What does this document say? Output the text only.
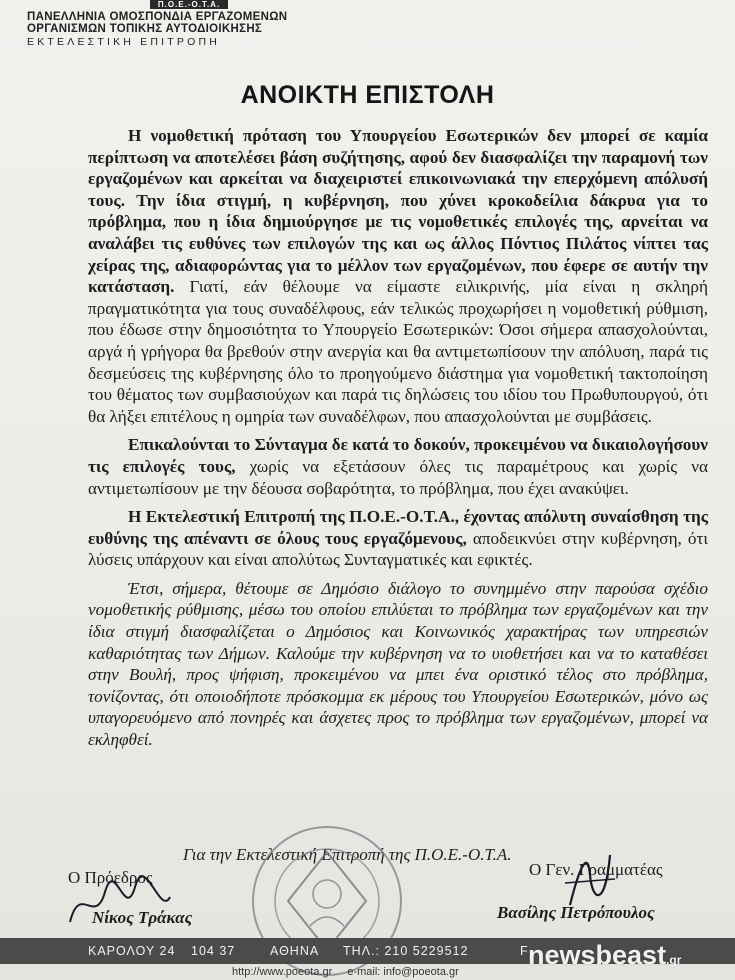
Π.Ο.Ε.-Ο.Τ.Α.
ΠΑΝΕΛΛΗΝΙΑ ΟΜΟΣΠΟΝΔΙΑ ΕΡΓΑΖΟΜΕΝΩΝ
ΟΡΓΑΝΙΣΜΩΝ ΤΟΠΙΚΗΣ ΑΥΤΟΔΙΟΙΚΗΣΗΣ
ΕΚΤΕΛΕΣΤΙΚΗ ΕΠΙΤΡΟΠΗ
ΑΝΟΙΚΤΗ ΕΠΙΣΤΟΛΗ

Η νομοθετική πρόταση του Υπουργείου Εσωτερικών δεν μπορεί σε καμία περίπτωση να αποτελέσει βάση συζήτησης, αφού δεν διασφαλίζει την παραμονή των εργαζομένων και αρκείται να διαχειριστεί επικοινωνιακά την επερχόμενη απόλυσή τους. Την ίδια στιγμή, η κυβέρνηση, που χύνει κροκοδείλια δάκρυα για το πρόβλημα, που η ίδια δημιούργησε με τις νομοθετικές επιλογές της, αρνείται να αναλάβει τις ευθύνες των επιλογών της και ως άλλος Πόντιος Πιλάτος νίπτει τας χείρας της, αδιαφορώντας για το μέλλον των εργαζομένων, που έφερε σε αυτήν την κατάσταση. Γιατί, εάν θέλουμε να είμαστε ειλικρινής, μία είναι η σκληρή πραγματικότητα για τους συναδέλφους, εάν τελικώς προχωρήσει η νομοθετική ρύθμιση, που έδωσε στην δημοσιότητα το Υπουργείο Εσωτερικών: Όσοι σήμερα απασχολούνται, αργά ή γρήγορα θα βρεθούν στην ανεργία και θα αντιμετωπίσουν την απόλυση, παρά τις δεσμεύσεις της κυβέρνησης όλο το προηγούμενο διάστημα για νομοθετική τακτοποίηση του θέματος των συμβασιούχων και παρά τις δηλώσεις του ιδίου του Πρωθυπουργού, ότι θα λήξει επιτέλους η ομηρία των συναδέλφων, που απασχολούνται με συμβάσεις.

Επικαλούνται το Σύνταγμα δε κατά το δοκούν, προκειμένου να δικαιολογήσουν τις επιλογές τους, χωρίς να εξετάσουν όλες τις παραμέτρους και χωρίς να αντιμετωπίσουν με την δέουσα σοβαρότητα, το πρόβλημα, που έχει ανακύψει.

Η Εκτελεστική Επιτροπή της Π.Ο.Ε.-Ο.Τ.Α., έχοντας απόλυτη συναίσθηση της ευθύνης της απέναντι σε όλους τους εργαζόμενους, αποδεικνύει στην κυβέρνηση, ότι λύσεις υπάρχουν και είναι απολύτως Συνταγματικές και εφικτές.

Έτσι, σήμερα, θέτουμε σε Δημόσιο διάλογο το συνημμένο στην παρούσα σχέδιο νομοθετικής ρύθμισης, μέσω του οποίου επιλύεται το πρόβλημα των εργαζομένων και την ίδια στιγμή διασφαλίζεται ο Δημόσιος και Κοινωνικός χαρακτήρας των υπηρεσιών καθαριότητας των Δήμων. Καλούμε την κυβέρνηση να το υιοθετήσει και να το καταθέσει στην Βουλή, προς ψήφιση, προκειμένου να μπει ένα οριστικό τέλος στο πρόβλημα, τονίζοντας, ότι οποιοδήποτε πρόσκομμα εκ μέρους του Υπουργείου Εσωτερικών, μόνο ως υπαγορευόμενο από πονηρές και άσχετες προς το πρόβλημα των εργαζομένων, μπορεί να εκληφθεί.

Για την Εκτελεστική Επιτροπή της Π.Ο.Ε.-Ο.Τ.Α.
Ο Πρόεδρος
Νίκος Τράκας
Ο Γεν. Γραμματέας
Βασίλης Πετρόπουλος
ΚΑΡΟΛΟΥ 24 104 37	ΑΘΗΝΑ ΤΗΛ.: 210 5229512	F
http://www.poeota.gr e-mail: info@poeota.gr
newsbeast.gr
